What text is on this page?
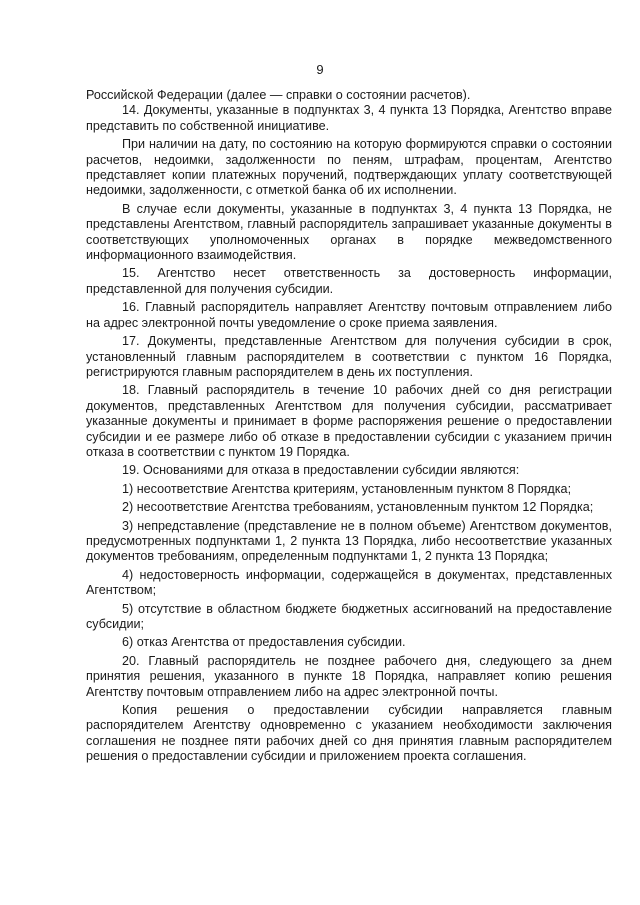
9

Российской Федерации (далее — справки о состоянии расчетов).

14. Документы, указанные в подпунктах 3, 4 пункта 13 Порядка, Агентство вправе представить по собственной инициативе.

При наличии на дату, по состоянию на которую формируются справки о состоянии расчетов, недоимки, задолженности по пеням, штрафам, процентам, Агентство представляет копии платежных поручений, подтверждающих уплату соответствующей недоимки, задолженности, с отметкой банка об их исполнении.

В случае если документы, указанные в подпунктах 3, 4 пункта 13 Порядка, не представлены Агентством, главный распорядитель запрашивает указанные документы в соответствующих уполномоченных органах в порядке межведомственного информационного взаимодействия.

15. Агентство несет ответственность за достоверность информации, представленной для получения субсидии.

16. Главный распорядитель направляет Агентству почтовым отправлением либо на адрес электронной почты уведомление о сроке приема заявления.

17. Документы, представленные Агентством для получения субсидии в срок, установленный главным распорядителем в соответствии с пунктом 16 Порядка, регистрируются главным распорядителем в день их поступления.

18. Главный распорядитель в течение 10 рабочих дней со дня регистрации документов, представленных Агентством для получения субсидии, рассматривает указанные документы и принимает в форме распоряжения решение о предоставлении субсидии и ее размере либо об отказе в предоставлении субсидии с указанием причин отказа в соответствии с пунктом 19 Порядка.

19. Основаниями для отказа в предоставлении субсидии являются:

1) несоответствие Агентства критериям, установленным пунктом 8 Порядка;

2) несоответствие Агентства требованиям, установленным пунктом 12 Порядка;

3) непредставление (представление не в полном объеме) Агентством документов, предусмотренных подпунктами 1, 2 пункта 13 Порядка, либо несоответствие указанных документов требованиям, определенным подпунктами 1, 2 пункта 13 Порядка;

4) недостоверность информации, содержащейся в документах, представленных Агентством;

5) отсутствие в областном бюджете бюджетных ассигнований на предоставление субсидии;

6) отказ Агентства от предоставления субсидии.

20. Главный распорядитель не позднее рабочего дня, следующего за днем принятия решения, указанного в пункте 18 Порядка, направляет копию решения Агентству почтовым отправлением либо на адрес электронной почты.

Копия решения о предоставлении субсидии направляется главным распорядителем Агентству одновременно с указанием необходимости заключения соглашения не позднее пяти рабочих дней со дня принятия главным распорядителем решения о предоставлении субсидии и приложением проекта соглашения.
